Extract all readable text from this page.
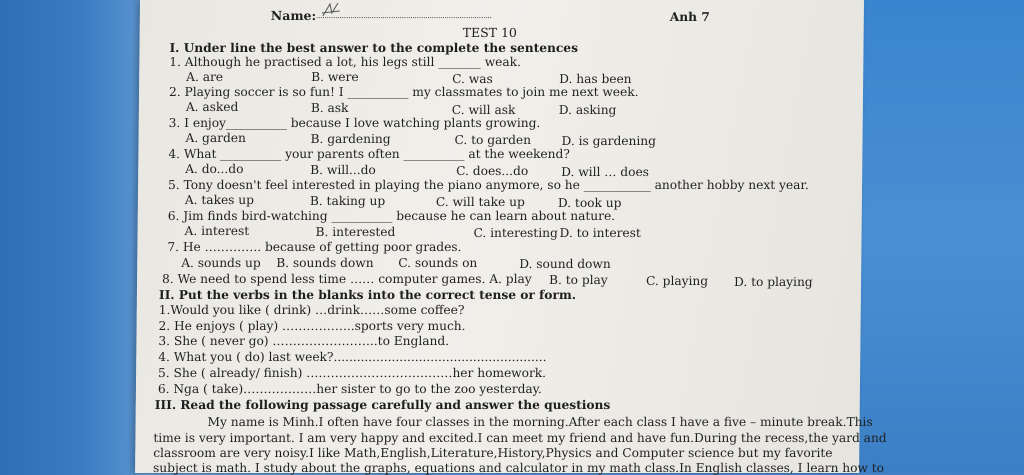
Name: ..................................................................................	Anh 7
TEST 10
I. Under line the best answer to the complete the sentences
1. Although he practised a lot, his legs still _______ weak.
A. are	B. were	C. was	D. has been
2. Playing soccer is so fun! I __________ my classmates to join me next week.
A. asked	B. ask	C. will ask	D. asking
3. I enjoy__________ because I love watching plants growing.
A. garden	B. gardening	C. to garden D. is gardening
4. What __________ your parents often __________ at the weekend?
A. do...do	B. will...do	C. does...do	D. will … does
5. Tony doesn't feel interested in playing the piano anymore, so he ___________ another hobby next year.
A. takes up	B. taking up	C. will take up	D. took up
6. Jim finds bird-watching __________ because he can learn about nature.
A. interest	B. interested	C. interesting D. to interest
7. He ………….. because of getting poor grades.
A. sounds up B. sounds down C. sounds on	D. sound down
8. We need to spend less time …… computer games. A. play B. to play	C. playing D. to playing
II. Put the verbs in the blanks into the correct tense or form.
1.Would you like ( drink) …drink……some coffee?
2. He enjoys ( play) ……………...sports very much.
3. She ( never go) ……………………..to England.
4. What you ( do) last week?.......................................................
5. She ( already/ finish) ………………………………her homework.
6. Nga ( take)………………her sister to go to the zoo yesterday.
III. Read the following passage carefully and answer the questions
My name is Minh.I often have four classes in the morning.After each class I have a five – minute break.This
time is very important. I am very happy and excited.I can meet my friend and have fun.During the recess,the yard and
classroom are very noisy.I like Math,English,Literature,History,Physics and Computer science but my favorite
subject is math. I study about the graphs, equations and calculator in my math class.In English classes, I learn how to
